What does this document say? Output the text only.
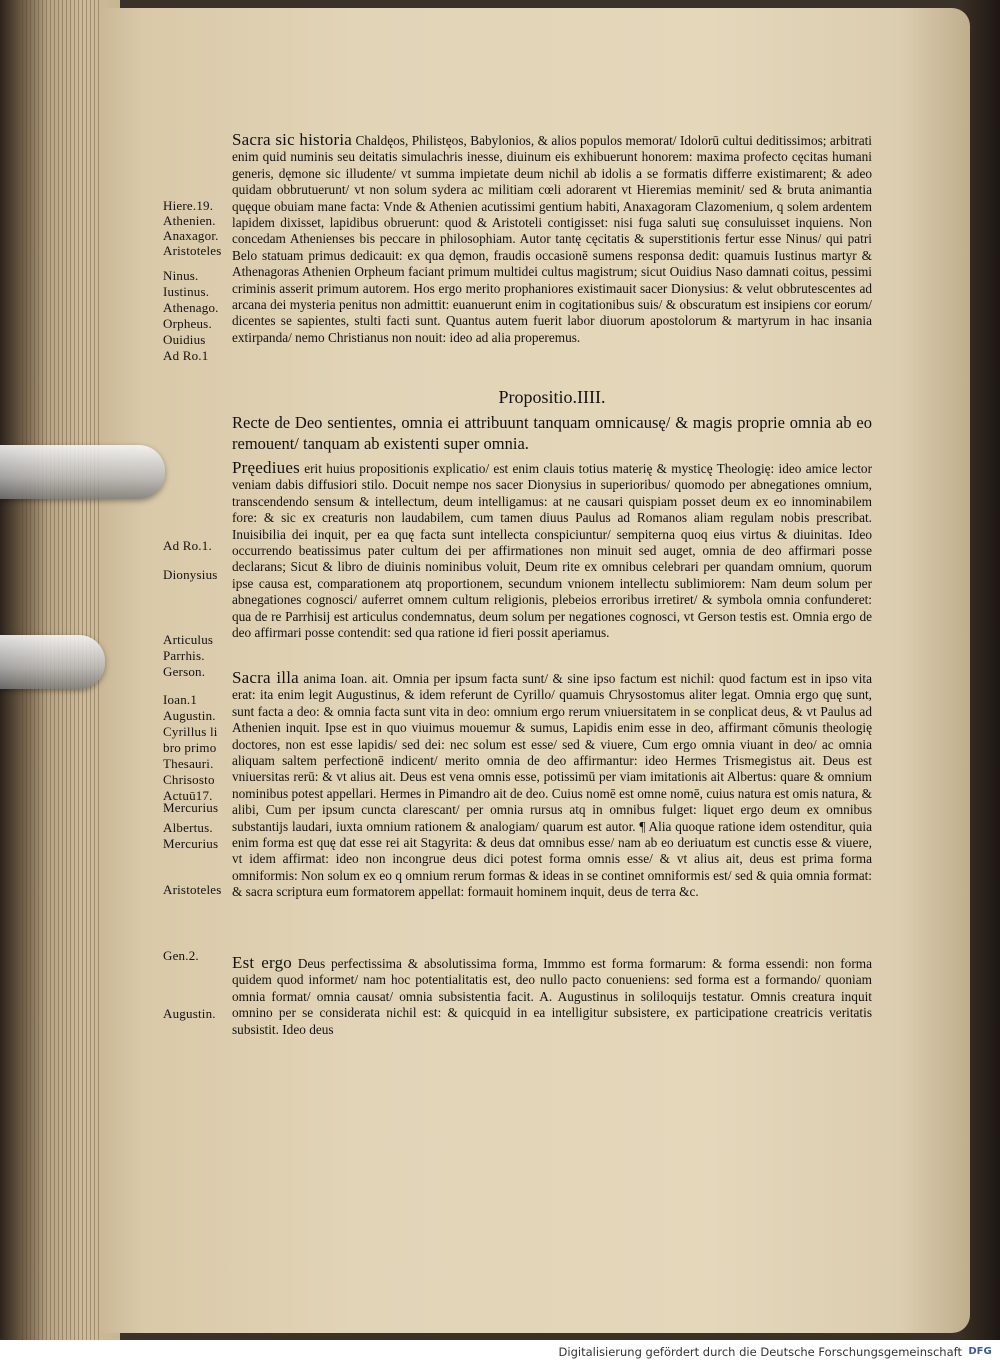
Hiere.19.
Athenien.
Anaxagor.
Aristoteles
Ninus.
Iustinus.
Athenago.
Orpheus.
Ouidius
Ad Ro.1
Ad Ro.1.
Dionysius
Articulus
Parrhis.
Gerson.
Ioan.1
Augustin.
Cyrillus li
bro primo
Thesauri.
Chrisosto
Actuū17.
Mercurius
Albertus.
Mercurius
Aristoteles
Gen.2.
Augustin.
Sacra sic historia Chaldęos, Philistęos, Babylonios, & alios populos memorat/ Idolorū cultui deditissimos; arbitrati enim quid numinis seu deitatis simulachris inesse, diuinum eis exhibuerunt honorem: maxima profecto cęcitas humani generis, dęmone sic illudente/ vt summa impietate deum nichil ab idolis a se formatis differre existimarent; & adeo quidam obbrutuerunt/ vt non solum sydera ac militiam cœli adorarent vt Hieremias meminit/ sed & bruta animantia quęque obuiam mane facta: Vnde & Athenien acutissimi gentium habiti, Anaxagoram Clazomenium, q solem ardentem lapidem dixisset, lapidibus obruerunt: quod & Aristoteli contigisset: nisi fuga saluti suę consuluisset inquiens. Non concedam Athenienses bis peccare in philosophiam. Autor tantę cęcitatis & superstitionis fertur esse Ninus/ qui patri Belo statuam primus dedicauit: ex qua dęmon, fraudis occasionē sumens responsa dedit: quamuis Iustinus martyr & Athenagoras Athenien Orpheum faciant primum multidei cultus magistrum; sicut Ouidius Naso damnati coitus, pessimi criminis asserit primum autorem. Hos ergo merito prophaniores existimauit sacer Dionysius: & velut obbrutescentes ad arcana dei mysteria penitus non admittit: euanuerunt enim in cogitationibus suis/ & obscuratum est insipiens cor eorum/ dicentes se sapientes, stulti facti sunt. Quantus autem fuerit labor diuorum apostolorum & martyrum in hac insania extirpanda/ nemo Christianus non nouit: ideo ad alia properemus.
Propositio.IIII.
Recte de Deo sentientes, omnia ei attribuunt tanquam omnicausę/ & magis proprie omnia ab eo remouent/ tanquam ab existenti super omnia.
Pręediues erit huius propositionis explicatio/ est enim clauis totius materię & mysticę Theologię: ideo amice lector veniam dabis diffusiori stilo. Docuit nempe nos sacer Dionysius in superioribus/ quomodo per abnegationes omnium, transcendendo sensum & intellectum, deum intelligamus: at ne causari quispiam posset deum ex eo innominabilem fore: & sic ex creaturis non laudabilem, cum tamen diuus Paulus ad Romanos aliam regulam nobis prescribat. Inuisibilia dei inquit, per ea quę facta sunt intellecta conspiciuntur/ sempiterna quoq eius virtus & diuinitas. Ideo occurrendo beatissimus pater cultum dei per affirmationes non minuit sed auget, omnia de deo affirmari posse declarans; Sicut & libro de diuinis nominibus voluit, Deum rite ex omnibus celebrari per quandam omnium, quorum ipse causa est, comparationem atq proportionem, secundum vnionem intellectu sublimiorem: Nam deum solum per abnegationes cognosci/ auferret omnem cultum religionis, plebeios erroribus irretiret/ & symbola omnia confunderet: qua de re Parrhisij est articulus condemnatus, deum solum per negationes cognosci, vt Gerson testis est. Omnia ergo de deo affirmari posse contendit: sed qua ratione id fieri possit aperiamus.
Sacra illa anima Ioan. ait. Omnia per ipsum facta sunt/ & sine ipso factum est nichil: quod factum est in ipso vita erat: ita enim legit Augustinus, & idem referunt de Cyrillo/ quamuis Chrysostomus aliter legat. Omnia ergo quę sunt, sunt facta a deo: & omnia facta sunt vita in deo: omnium ergo rerum vniuersitatem in se conplicat deus, & vt Paulus ad Athenien inquit. Ipse est in quo viuimus mouemur & sumus, Lapidis enim esse in deo, affirmant cōmunis theologię doctores, non est esse lapidis/ sed dei: nec solum est esse/ sed & viuere, Cum ergo omnia viuant in deo/ ac omnia aliquam saltem perfectionē indicent/ merito omnia de deo affirmantur: ideo Hermes Trismegistus ait. Deus est vniuersitas rerū: & vt alius ait. Deus est vena omnis esse, potissimū per viam imitationis ait Albertus: quare & omnium nominibus potest appellari. Hermes in Pimandro ait de deo. Cuius nomē est omne nomē, cuius natura est omis natura, & alibi, Cum per ipsum cuncta clarescant/ per omnia rursus atq in omnibus fulget: liquet ergo deum ex omnibus substantijs laudari, iuxta omnium rationem & analogiam/ quarum est autor. ¶ Alia quoque ratione idem ostenditur, quia enim forma est quę dat esse rei ait Stagyrita: & deus dat omnibus esse/ nam ab eo deriuatum est cunctis esse & viuere, vt idem affirmat: ideo non incongrue deus dici potest forma omnis esse/ & vt alius ait, deus est prima forma omniformis: Non solum ex eo q omnium rerum formas & ideas in se continet omniformis est/ sed & quia omnia format: & sacra scriptura eum formatorem appellat: formauit hominem inquit, deus de terra &c.
Est ergo Deus perfectissima & absolutissima forma, Immmo est forma formarum: & forma essendi: non forma quidem quod informet/ nam hoc potentialitatis est, deo nullo pacto conueniens: sed forma est a formando/ quoniam omnia format/ omnia causat/ omnia subsistentia facit. A. Augustinus in soliloquijs testatur. Omnis creatura inquit omnino per se considerata nichil est: & quicquid in ea intelligitur subsistere, ex participatione creatricis veritatis subsistit. Ideo deus
Digitalisierung gefördert durch die Deutsche Forschungsgemeinschaft DFG
